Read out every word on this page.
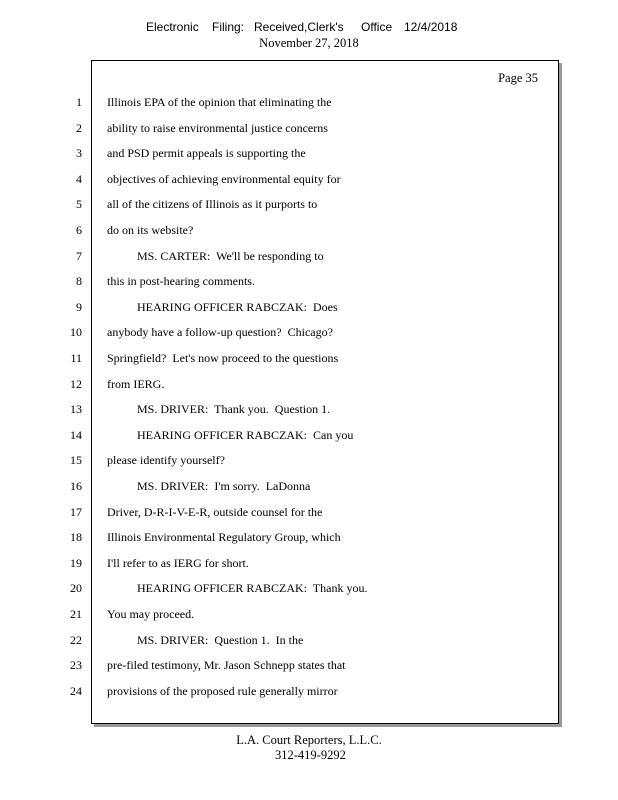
Electronic Filing: Received,Clerk's Office 12/4/2018
November 27, 2018
Page 35
1 Illinois EPA of the opinion that eliminating the
2 ability to raise environmental justice concerns
3 and PSD permit appeals is supporting the
4 objectives of achieving environmental equity for
5 all of the citizens of Illinois as it purports to
6 do on its website?
7 MS. CARTER:  We'll be responding to
8 this in post-hearing comments.
9 HEARING OFFICER RABCZAK:  Does
10 anybody have a follow-up question?  Chicago?
11 Springfield?  Let's now proceed to the questions
12 from IERG.
13 MS. DRIVER:  Thank you.  Question 1.
14 HEARING OFFICER RABCZAK:  Can you
15 please identify yourself?
16 MS. DRIVER:  I'm sorry.  LaDonna
17 Driver, D-R-I-V-E-R, outside counsel for the
18 Illinois Environmental Regulatory Group, which
19 I'll refer to as IERG for short.
20 HEARING OFFICER RABCZAK:  Thank you.
21 You may proceed.
22 MS. DRIVER:  Question 1.  In the
23 pre-filed testimony, Mr. Jason Schnepp states that
24 provisions of the proposed rule generally mirror
L.A. Court Reporters, L.L.C.
312-419-9292
